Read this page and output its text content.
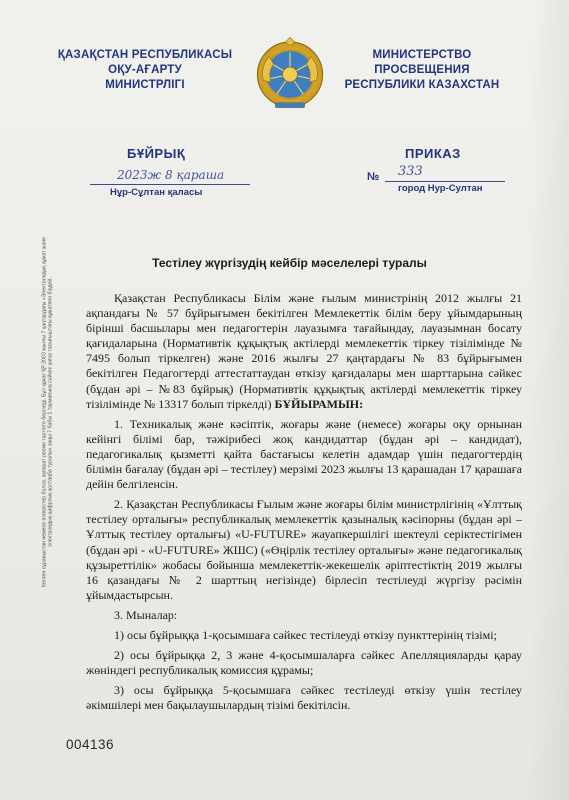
ҚАЗАҚСТАН РЕСПУБЛИКАСЫ
ОҚУ-АҒАРТУ
МИНИСТРЛІГІ
МИНИСТЕРСТВО
ПРОСВЕЩЕНИЯ
РЕСПУБЛИКИ КАЗАХСТАН
БҰЙРЫҚ	ПРИКАЗ
2023ж 8 қараша
Нұр-Сұлтан қаласы
№ 333
город Нур-Султан
Келген сұраныстан немесе өзгерістер болса, ақпарат ресми тәртіпте беріледі. Бұл құжат ҚР 2003 жылғы 7 қаңтардағы «Электрондық құжат және электрондық цифрлық қолтаңба туралы» заңы 7 бабы 1 тармағына сәйкес қағаз тасығыштағы құжатпен бірдей.
Тестілеу жүргізудің кейбір мәселелері туралы

Қазақстан Республикасы Білім және ғылым министрінің 2012 жылғы 21 ақпандағы № 57 бұйрығымен бекітілген Мемлекеттік білім беру ұйымдарының бірінші басшылары мен педагогтерін лауазымға тағайындау, лауазымнан босату қағидаларына (Нормативтік құқықтық актілерді мемлекеттік тіркеу тізілімінде № 7495 болып тіркелген) және 2016 жылғы 27 қаңтардағы № 83 бұйрығымен бекітілген Педагогтерді аттестаттаудан өткізу қағидалары мен шарттарына сәйкес (бұдан әрі – №83 бұйрық) (Нормативтік құқықтық актілерді мемлекеттік тіркеу тізілімінде № 13317 болып тіркелді) БҰЙЫРАМЫН:

1. Техникалық және кәсіптік, жоғары және (немесе) жоғары оқу орнынан кейінгі білімі бар, тәжірибесі жоқ кандидаттар (бұдан әрі – кандидат), педагогикалық қызметті қайта бастағысы келетін адамдар үшін педагогтердің білімін бағалау (бұдан әрі – тестілеу) мерзімі 2023 жылғы 13 қарашадан 17 қарашаға дейін белгіленсін.

2. Қазақстан Республикасы Ғылым және жоғары білім министрлігінің «Ұлттық тестілеу орталығы» республикалық мемлекеттік қазыналық кәсіпорны (бұдан әрі – Ұлттық тестілеу орталығы) «U-FUTURE» жауапкершілігі шектеулі серіктестігімен (бұдан әрі - «U-FUTURE» ЖШС) («Өңірлік тестілеу орталығы» және педагогикалық құзыреттілік» жобасы бойынша мемлекеттік-жекешелік әріптестіктің 2019 жылғы 16 қазандағы № 2 шарттың негізінде) бірлесіп тестілеуді жүргізу рәсімін ұйымдастырсын.

3. Мыналар:

1) осы бұйрыққа 1-қосымшаға сәйкес тестілеуді өткізу пункттерінің тізімі;

2) осы бұйрыққа 2, 3 және 4-қосымшаларға сәйкес Апелляцияларды қарау жөніндегі республикалық комиссия құрамы;

3) осы бұйрыққа 5-қосымшаға сәйкес тестілеуді өткізу үшін тестілеу әкімшілері мен бақылаушылардың тізімі бекітілсін.

004136
